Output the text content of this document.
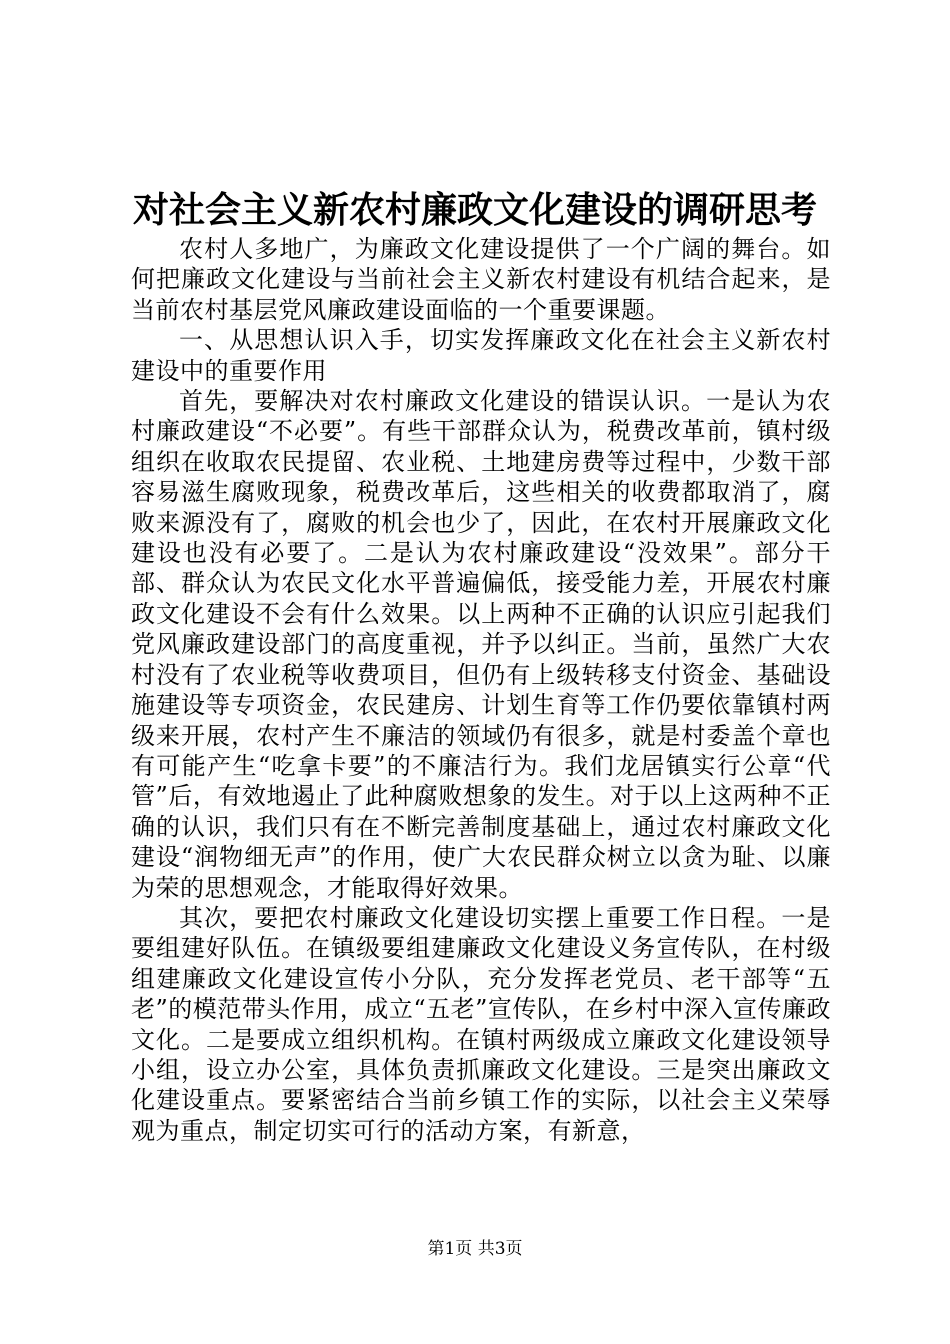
对社会主义新农村廉政文化建设的调研思考

农村人多地广，为廉政文化建设提供了一个广阔的舞台。如何把廉政文化建设与当前社会主义新农村建设有机结合起来，是当前农村基层党风廉政建设面临的一个重要课题。

一、从思想认识入手，切实发挥廉政文化在社会主义新农村建设中的重要作用

首先，要解决对农村廉政文化建设的错误认识。一是认为农村廉政建设“不必要”。有些干部群众认为，税费改革前，镇村级组织在收取农民提留、农业税、土地建房费等过程中，少数干部容易滋生腐败现象，税费改革后，这些相关的收费都取消了，腐败来源没有了，腐败的机会也少了，因此，在农村开展廉政文化建设也没有必要了。二是认为农村廉政建设“没效果”。部分干部、群众认为农民文化水平普遍偏低，接受能力差，开展农村廉政文化建设不会有什么效果。以上两种不正确的认识应引起我们党风廉政建设部门的高度重视，并予以纠正。当前，虽然广大农村没有了农业税等收费项目，但仍有上级转移支付资金、基础设施建设等专项资金，农民建房、计划生育等工作仍要依靠镇村两级来开展，农村产生不廉洁的领域仍有很多，就是村委盖个章也有可能产生“吃拿卡要”的不廉洁行为。我们龙居镇实行公章“代管”后，有效地遏止了此种腐败想象的发生。对于以上这两种不正确的认识，我们只有在不断完善制度基础上，通过农村廉政文化建设“润物细无声”的作用，使广大农民群众树立以贪为耻、以廉为荣的思想观念，才能取得好效果。

其次，要把农村廉政文化建设切实摆上重要工作日程。一是要组建好队伍。在镇级要组建廉政文化建设义务宣传队，在村级组建廉政文化建设宣传小分队，充分发挥老党员、老干部等“五老”的模范带头作用，成立“五老”宣传队，在乡村中深入宣传廉政文化。二是要成立组织机构。在镇村两级成立廉政文化建设领导小组，设立办公室，具体负责抓廉政文化建设。三是突出廉政文化建设重点。要紧密结合当前乡镇工作的实际，以社会主义荣辱观为重点，制定切实可行的活动方案，有新意，

第1页 共3页
